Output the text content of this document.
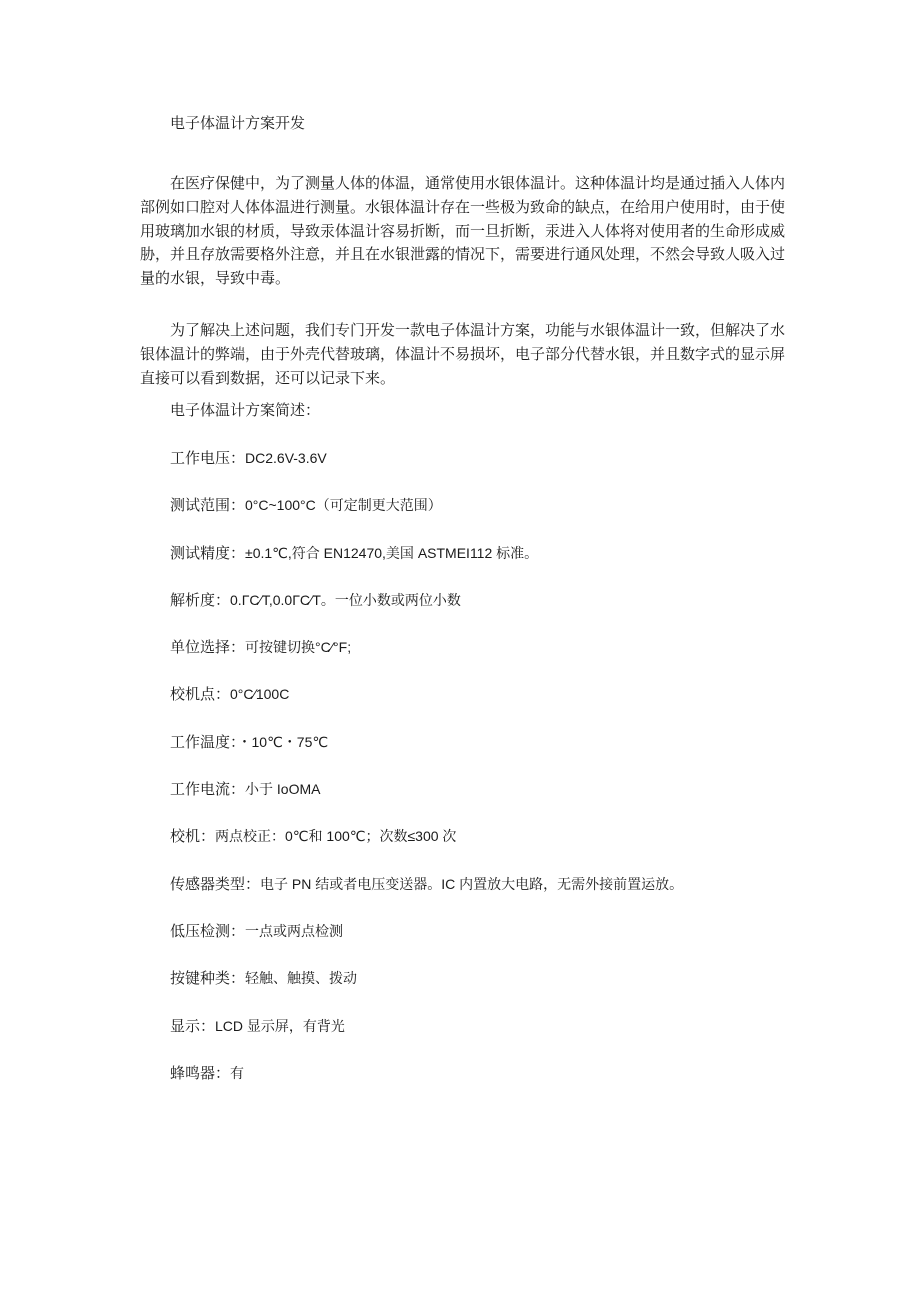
电子体温计方案开发

在医疗保健中，为了测量人体的体温，通常使用水银体温计。这种体温计均是通过插入人体内部例如口腔对人体体温进行测量。水银体温计存在一些极为致命的缺点，在给用户使用时，由于使用玻璃加水银的材质，导致汞体温计容易折断，而一旦折断，汞进入人体将对使用者的生命形成威胁，并且存放需要格外注意，并且在水银泄露的情况下，需要进行通风处理，不然会导致人吸入过量的水银，导致中毒。

为了解决上述问题，我们专门开发一款电子体温计方案，功能与水银体温计一致，但解决了水银体温计的弊端，由于外壳代替玻璃，体温计不易损坏，电子部分代替水银，并且数字式的显示屏直接可以看到数据，还可以记录下来。

电子体温计方案简述：
工作电压：DC2.6V-3.6V
测试范围：0°C~100°C（可定制更大范围）
测试精度：±0.1℃,符合 EN12470,美国 ASTMEI112 标准。
解析度：0.ΓC∕T,0.0ΓC∕T。一位小数或两位小数
单位选择：可按键切换°C∕°F;
校机点：0°C∕100C
工作温度：・10℃・75℃
工作电流：小于 IoOMA
校机：两点校正：0℃和 100℃；次数≤300 次
传感器类型：电子 PN 结或者电压变送器。IC 内置放大电路，无需外接前置运放。
低压检测：一点或两点检测
按键种类：轻触、触摸、拨动
显示：LCD 显示屏，有背光
蜂鸣器：有
